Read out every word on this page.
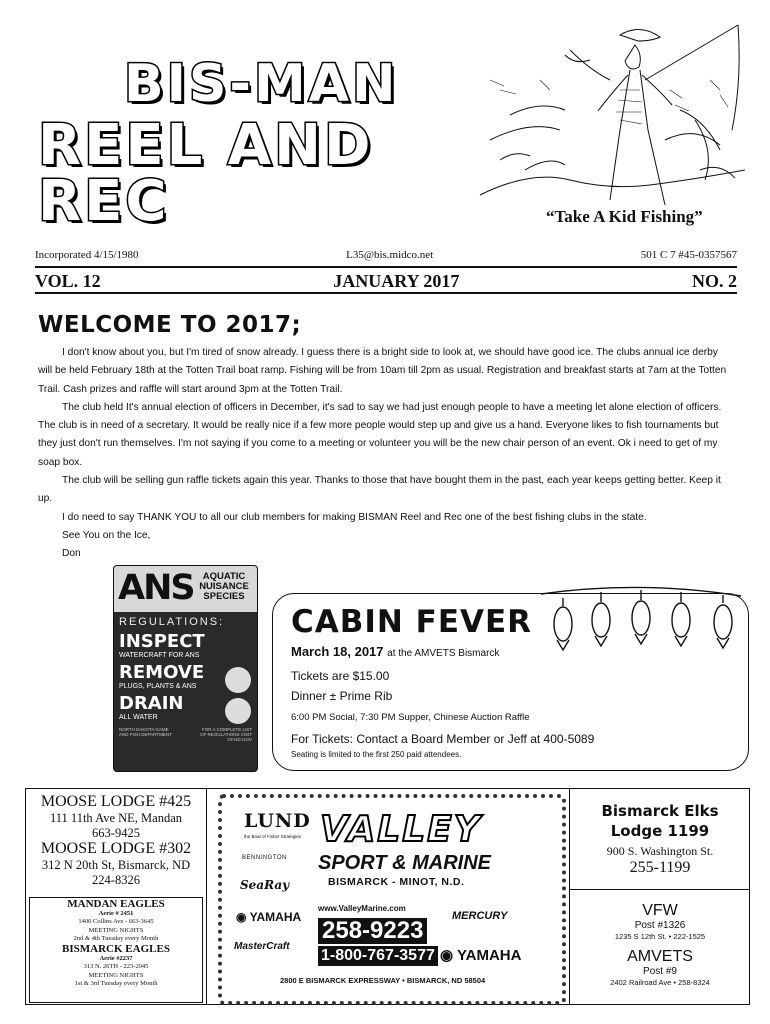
BIS-MAN
REEL AND REC	“Take A Kid Fishing”
Incorporated 4/15/1980	L35@bis.midco.net	501 C 7 #45-0357567
VOL. 12	JANUARY 2017	NO. 2
WELCOME TO 2017;

I don't know about you, but I'm tired of snow already. I guess there is a bright side to look at, we should have good ice. The clubs annual ice derby will be held February 18th at the Totten Trail boat ramp. Fishing will be from 10am till 2pm as usual. Registration and breakfast starts at 7am at the Totten Trail. Cash prizes and raffle will start around 3pm at the Totten Trail.

The club held It's annual election of officers in December, it's sad to say we had just enough people to have a meeting let alone election of officers. The club is in need of a secretary. It would be really nice if a few more people would step up and give us a hand. Everyone likes to fish tournaments but they just don't run themselves. I'm not saying if you come to a meeting or volunteer you will be the new chair person of an event. Ok i need to get of my soap box.

The club will be selling gun raffle tickets again this year. Thanks to those that have bought them in the past, each year keeps getting better. Keep it up.

I do need to say THANK YOU to all our club members for making BISMAN Reel and Rec one of the best fishing clubs in the state.

See You on the Ice,

Don

ANS AQUATIC
NUISANCE
SPECIES
REGULATIONS:
INSPECT
WATERCRAFT FOR ANS
REMOVE
PLUGS, PLANTS & ANS
DRAIN
ALL WATER
NORTH DAKOTA GAME AND FISH DEPARTMENT
FOR A COMPLETE LIST OF REGULATIONS VISIT GF.ND.GOV
CABIN FEVER
March 18, 2017 at the AMVETS Bismarck
Tickets are $15.00
Dinner ± Prime Rib
6:00 PM Social, 7:30 PM Supper, Chinese Auction Raffle
For Tickets: Contact a Board Member or Jeff at 400-5089
Seating is limited to the first 250 paid attendees.
MOOSE LODGE #425
111 11th Ave NE, Mandan
663-9425
MOOSE LODGE #302
312 N 20th St, Bismarck, ND
224-8326
MANDAN EAGLES
Aerie # 2451
1400 Collins Ave - 663-3645
MEETING NIGHTS
2nd & 4th Tuesday every Month
BISMARCK EAGLES
Aerie #2237
313 N. 26TH - 223-2045
MEETING NIGHTS
1st & 3rd Tuesday every Month
LUND
the Boat of Fisher Strategies
BENNINGTON
SeaRay
◉ YAMAHA
MasterCraft
VALLEY
SPORT & MARINE
BISMARCK - MINOT, N.D.
www.ValleyMarine.com
MERCURY
258-9223
1-800-767-3577 ◉ YAMAHA
2800 E BISMARCK EXPRESSWAY • BISMARCK, ND 58504
Bismarck Elks
Lodge 1199
900 S. Washington St.
255-1199
VFW
Post #1326
1235 S 12th St. • 222-1525
AMVETS
Post #9
2402 Railroad Ave • 258-8324
